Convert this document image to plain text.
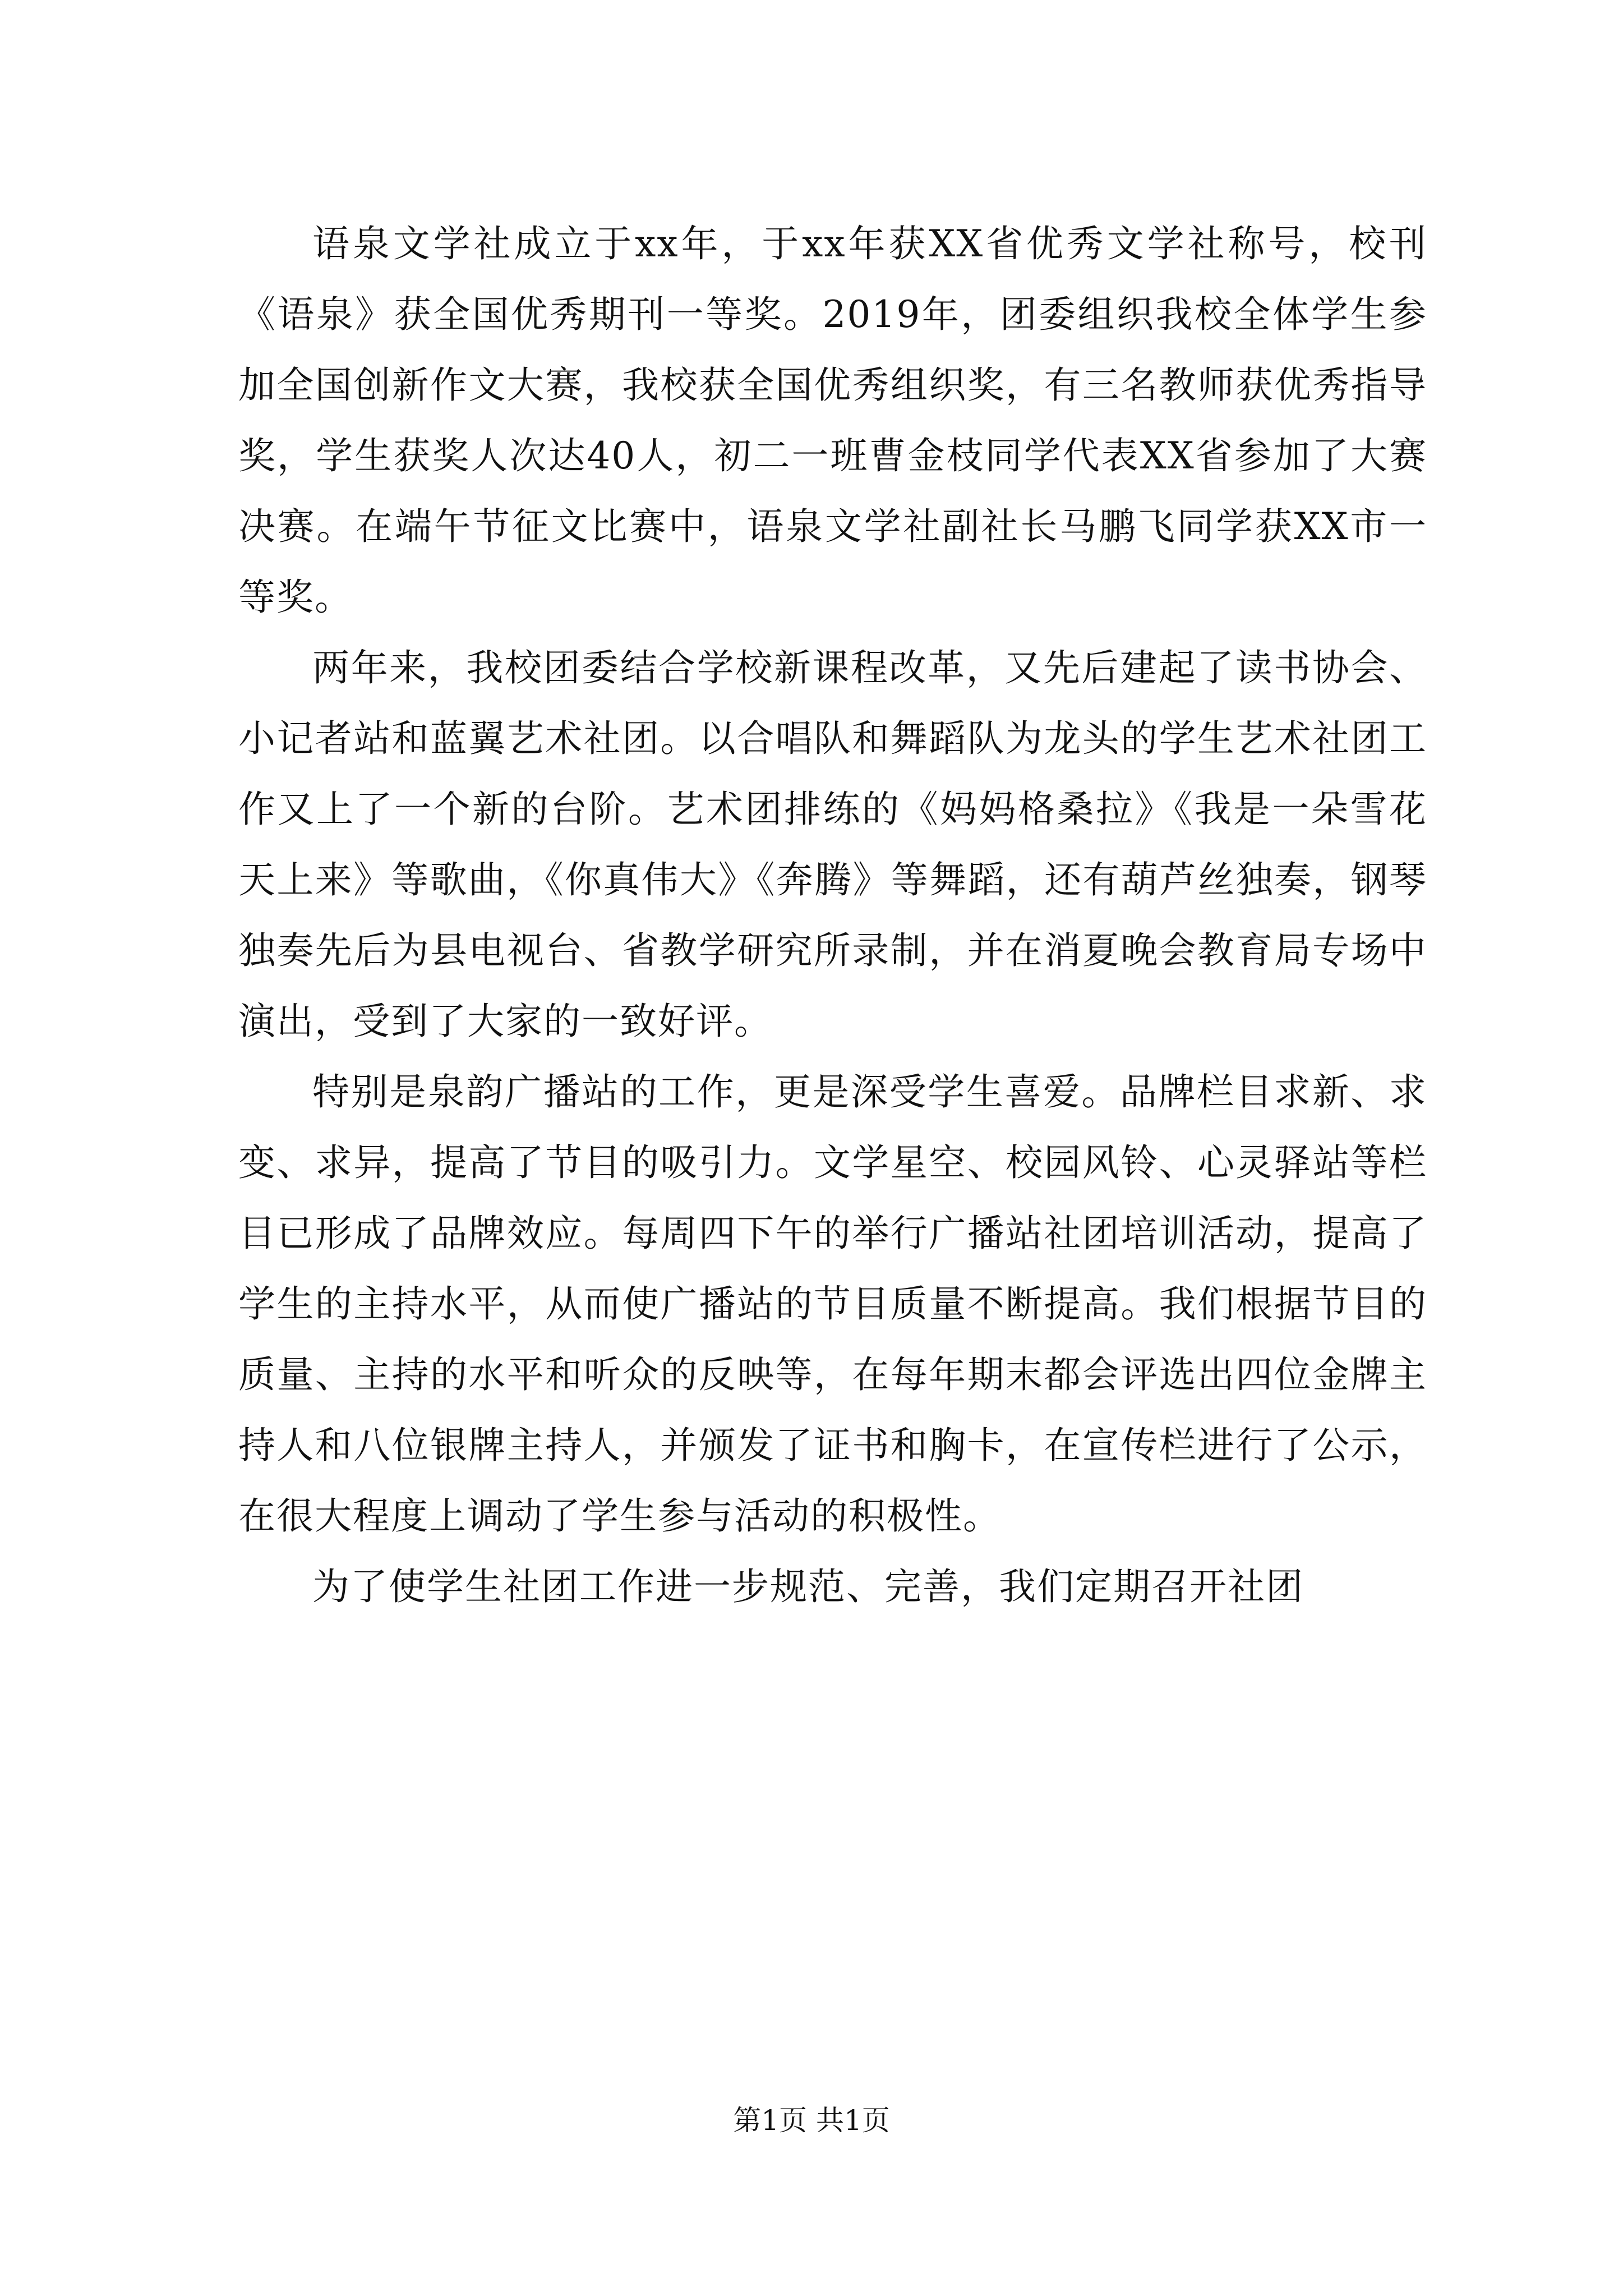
语泉文学社成立于xx年，于xx年获XX省优秀文学社称号，校刊《语泉》获全国优秀期刊一等奖。2019年，团委组织我校全体学生参加全国创新作文大赛，我校获全国优秀组织奖，有三名教师获优秀指导奖，学生获奖人次达40人，初二一班曹金枝同学代表XX省参加了大赛决赛。在端午节征文比赛中，语泉文学社副社长马鹏飞同学获XX市一等奖。

两年来，我校团委结合学校新课程改革，又先后建起了读书协会、小记者站和蓝翼艺术社团。以合唱队和舞蹈队为龙头的学生艺术社团工作又上了一个新的台阶。艺术团排练的《妈妈格桑拉》《我是一朵雪花天上来》等歌曲，《你真伟大》《奔腾》等舞蹈，还有葫芦丝独奏，钢琴独奏先后为县电视台、省教学研究所录制，并在消夏晚会教育局专场中演出，受到了大家的一致好评。

特别是泉韵广播站的工作，更是深受学生喜爱。品牌栏目求新、求变、求异，提高了节目的吸引力。文学星空、校园风铃、心灵驿站等栏目已形成了品牌效应。每周四下午的举行广播站社团培训活动，提高了学生的主持水平，从而使广播站的节目质量不断提高。我们根据节目的质量、主持的水平和听众的反映等，在每年期末都会评选出四位金牌主持人和八位银牌主持人，并颁发了证书和胸卡，在宣传栏进行了公示，在很大程度上调动了学生参与活动的积极性。

为了使学生社团工作进一步规范、完善，我们定期召开社团

第1页 共1页
